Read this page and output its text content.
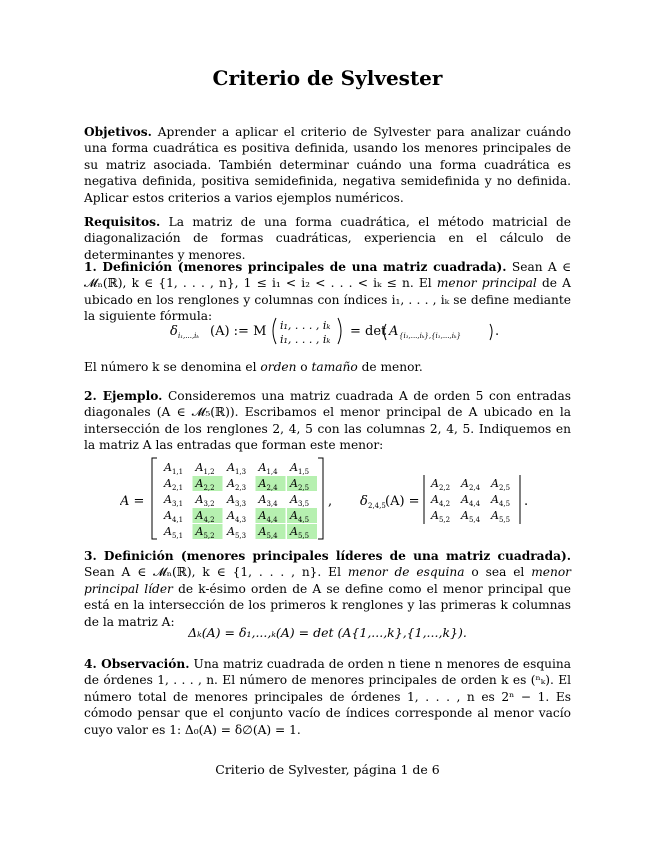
Criterio de Sylvester
Objetivos. Aprender a aplicar el criterio de Sylvester para analizar cuándo una forma cuadrática es positiva definida, usando los menores principales de su matriz asociada. También determinar cuándo una forma cuadrática es negativa definida, positiva semidefinida, negativa semidefinida y no definida. Aplicar estos criterios a varios ejemplos numéricos.
Requisitos. La matriz de una forma cuadrática, el método matricial de diagonalización de formas cuadráticas, experiencia en el cálculo de determinantes y menores.
1. Definición (menores principales de una matriz cuadrada). Sean A ∈ 𝓜ₙ(ℝ), k ∈ {1, . . . , n}, 1 ≤ i₁ < i₂ < . . . < iₖ ≤ n. El menor principal de A ubicado en los renglones y columnas con índices i₁, . . . , iₖ se define mediante la siguiente fórmula:
δ i₁,...,iₖ (A) := M i₁, . . . , iₖ
i₁, . . . , iₖ
= det A {i₁,...,iₖ},{i₁,...,iₖ}	.
El número k se denomina el orden o tamaño de menor.
2. Ejemplo. Consideremos una matriz cuadrada A de orden 5 con entradas diagonales (A ∈ 𝓜₅(ℝ)). Escribamos el menor principal de A ubicado en la intersección de los renglones 2, 4, 5 con las columnas 2, 4, 5. Indiquemos en la matriz A las entradas que forman este menor:
A =
$A_{1,1}$ $A_{1,2}$ $A_{1,3}$ $A_{1,4}$ $A_{1,5}$
$A_{2,1}$ $A_{2,2}$ $A_{2,3}$ $A_{2,4}$ $A_{2,5}$
$A_{3,1}$ $A_{3,2}$ $A_{3,3}$ $A_{3,4}$ $A_{3,5}$
$A_{4,1}$ $A_{4,2}$ $A_{4,3}$ $A_{4,4}$ $A_{4,5}$
$A_{5,1}$ $A_{5,2}$ $A_{5,3}$ $A_{5,4}$ $A_{5,5}$
, δ 2,4,5 (A) =
$A_{2,2}$ $A_{2,4}$ $A_{2,5}$
$A_{4,2}$ $A_{4,4}$ $A_{4,5}$
$A_{5,2}$ $A_{5,4}$ $A_{5,5}$
.
3. Definición (menores principales líderes de una matriz cuadrada). Sean A ∈ 𝓜ₙ(ℝ), k ∈ {1, . . . , n}. El menor de esquina o sea el menor principal líder de k-ésimo orden de A se define como el menor principal que está en la intersección de los primeros k renglones y las primeras k columnas de la matriz A:
Δₖ(A) = δ₁,...,ₖ(A) = det (A{1,...,k},{1,...,k}).
4. Observación. Una matriz cuadrada de orden n tiene n menores de esquina de órdenes 1, . . . , n. El número de menores principales de orden k es (ⁿₖ). El número total de menores principales de órdenes 1, . . . , n es 2ⁿ − 1. Es cómodo pensar que el conjunto vacío de índices corresponde al menor vacío cuyo valor es 1: Δ₀(A) = δ∅(A) = 1.
Criterio de Sylvester, página 1 de 6
